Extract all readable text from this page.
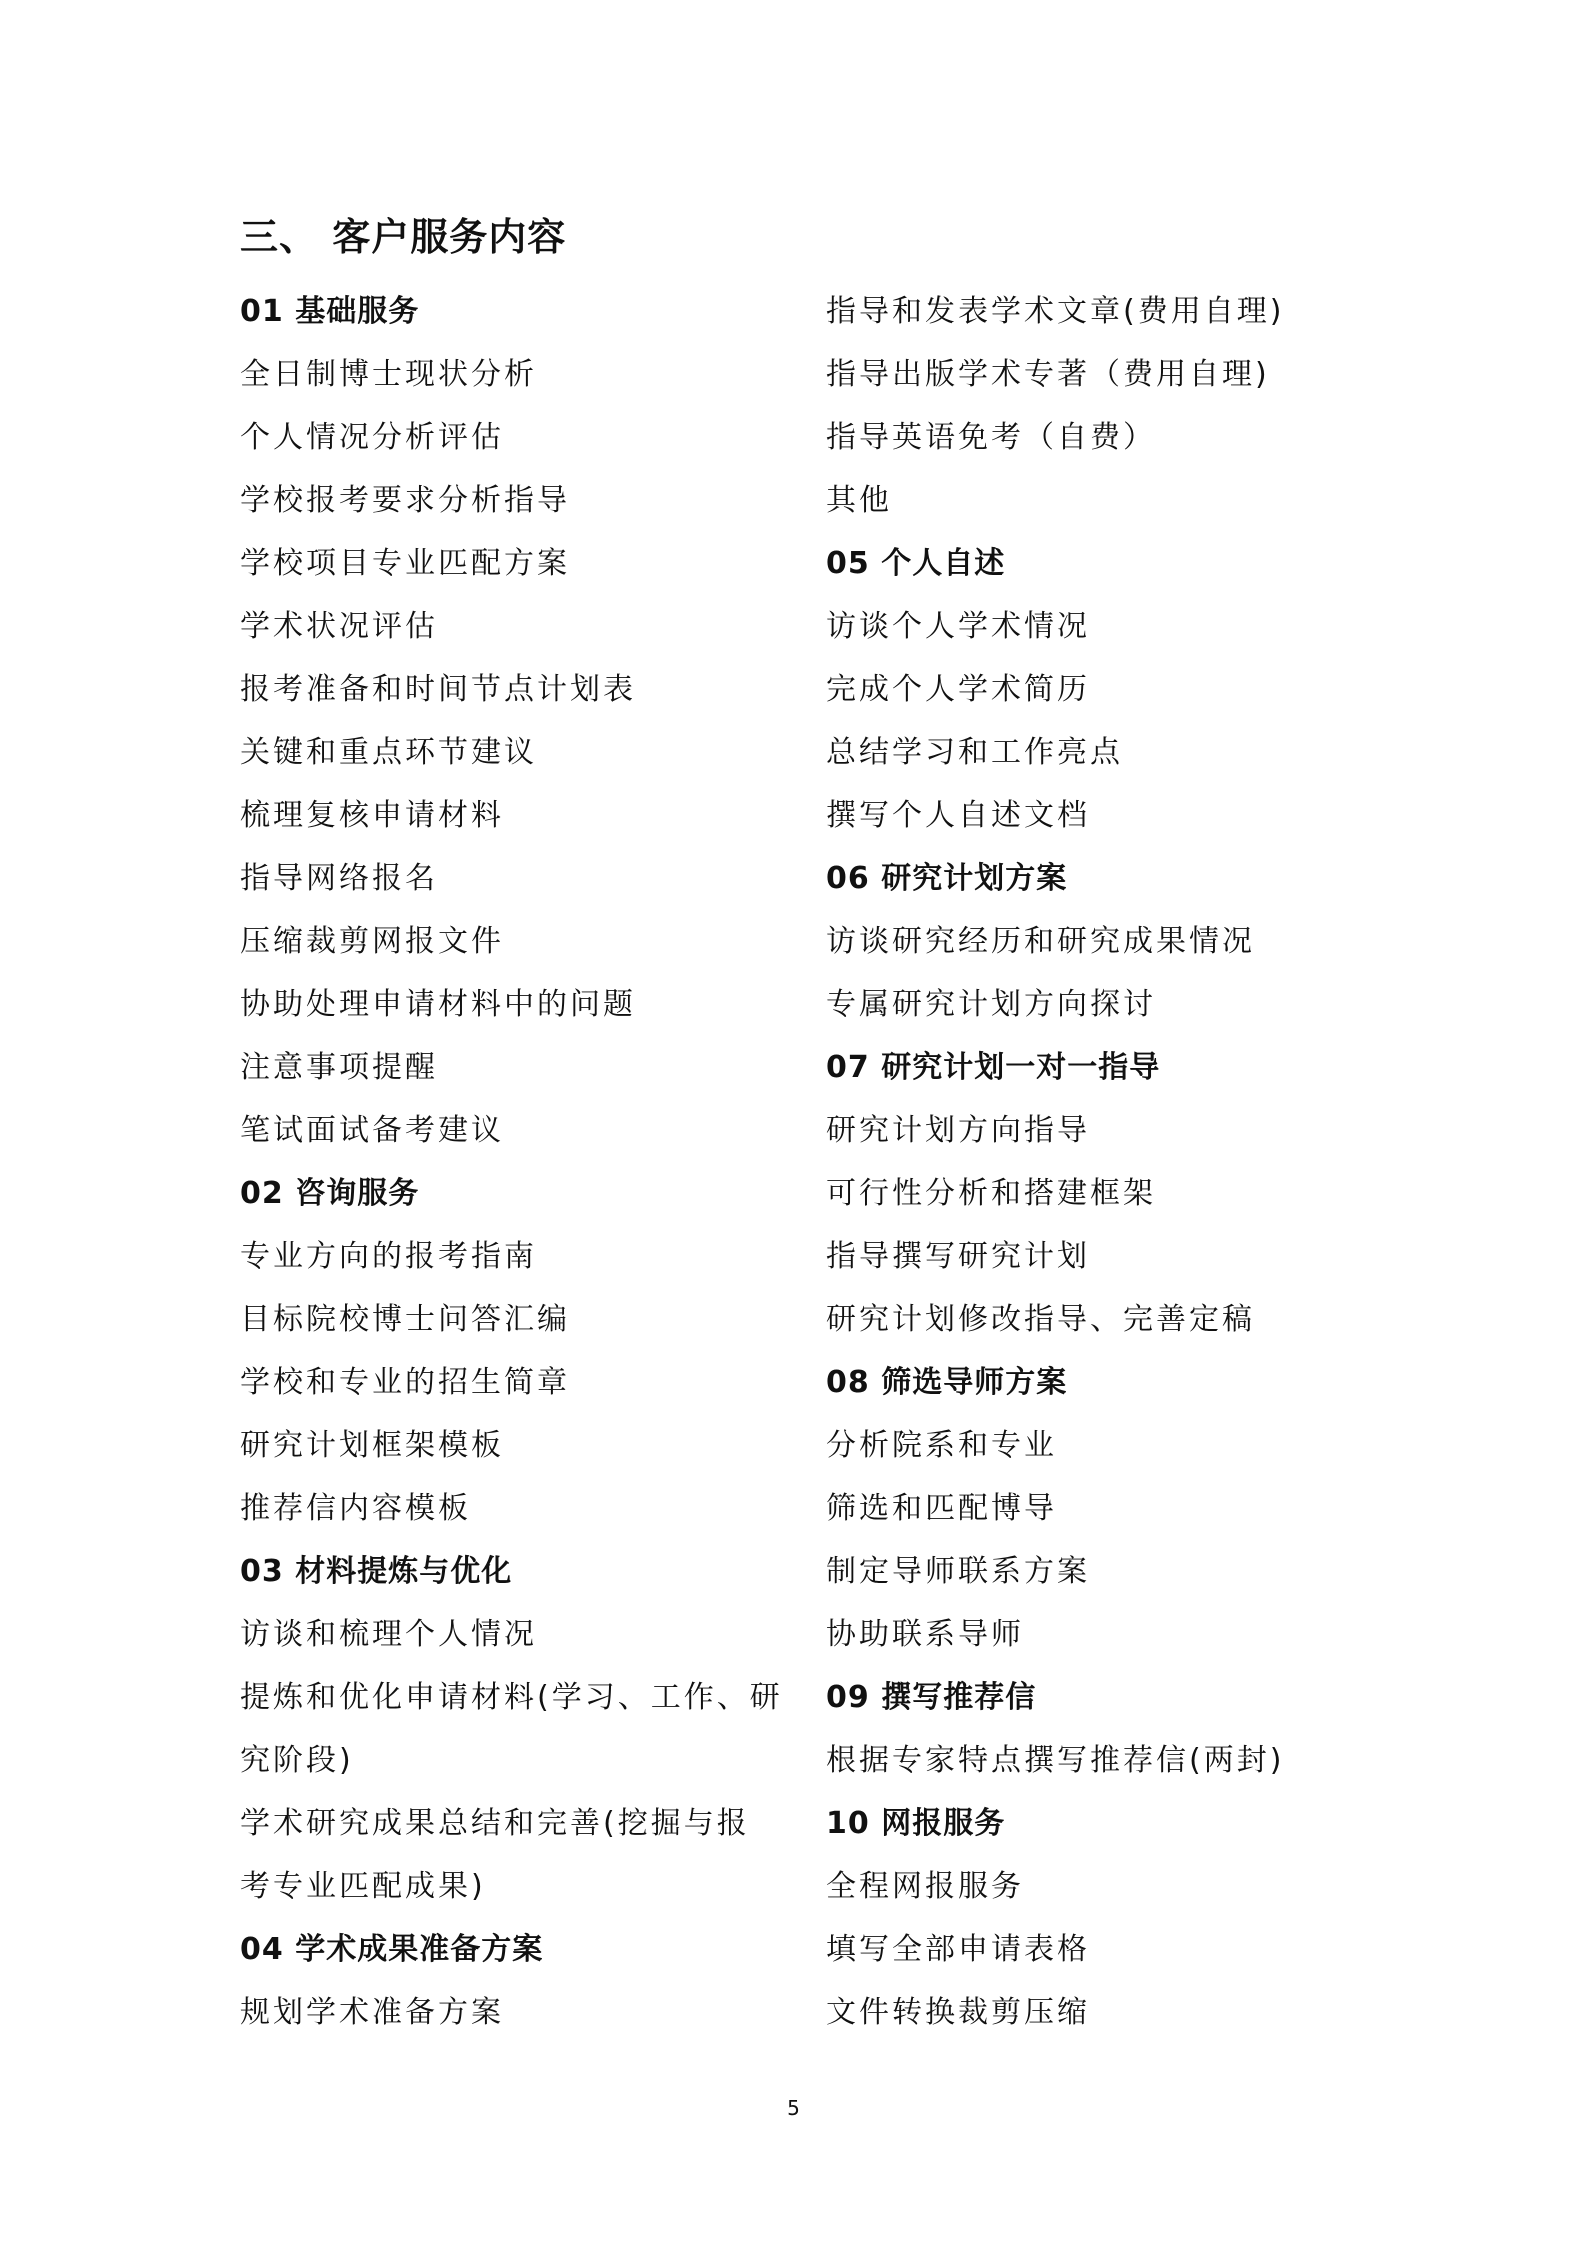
三、 客户服务内容
01 基础服务
全日制博士现状分析
个人情况分析评估
学校报考要求分析指导
学校项目专业匹配方案
学术状况评估
报考准备和时间节点计划表
关键和重点环节建议
梳理复核申请材料
指导网络报名
压缩裁剪网报文件
协助处理申请材料中的问题
注意事项提醒
笔试面试备考建议
02 咨询服务
专业方向的报考指南
目标院校博士问答汇编
学校和专业的招生简章
研究计划框架模板
推荐信内容模板
03 材料提炼与优化
访谈和梳理个人情况
提炼和优化申请材料(学习、工作、研
究阶段)
学术研究成果总结和完善(挖掘与报
考专业匹配成果)
04 学术成果准备方案
规划学术准备方案
指导和发表学术文章(费用自理)
指导出版学术专著（费用自理)
指导英语免考（自费）
其他
05 个人自述
访谈个人学术情况
完成个人学术简历
总结学习和工作亮点
撰写个人自述文档
06 研究计划方案
访谈研究经历和研究成果情况
专属研究计划方向探讨
07 研究计划一对一指导
研究计划方向指导
可行性分析和搭建框架
指导撰写研究计划
研究计划修改指导、完善定稿
08 筛选导师方案
分析院系和专业
筛选和匹配博导
制定导师联系方案
协助联系导师
09 撰写推荐信
根据专家特点撰写推荐信(两封)
10 网报服务
全程网报服务
填写全部申请表格
文件转换裁剪压缩
5
